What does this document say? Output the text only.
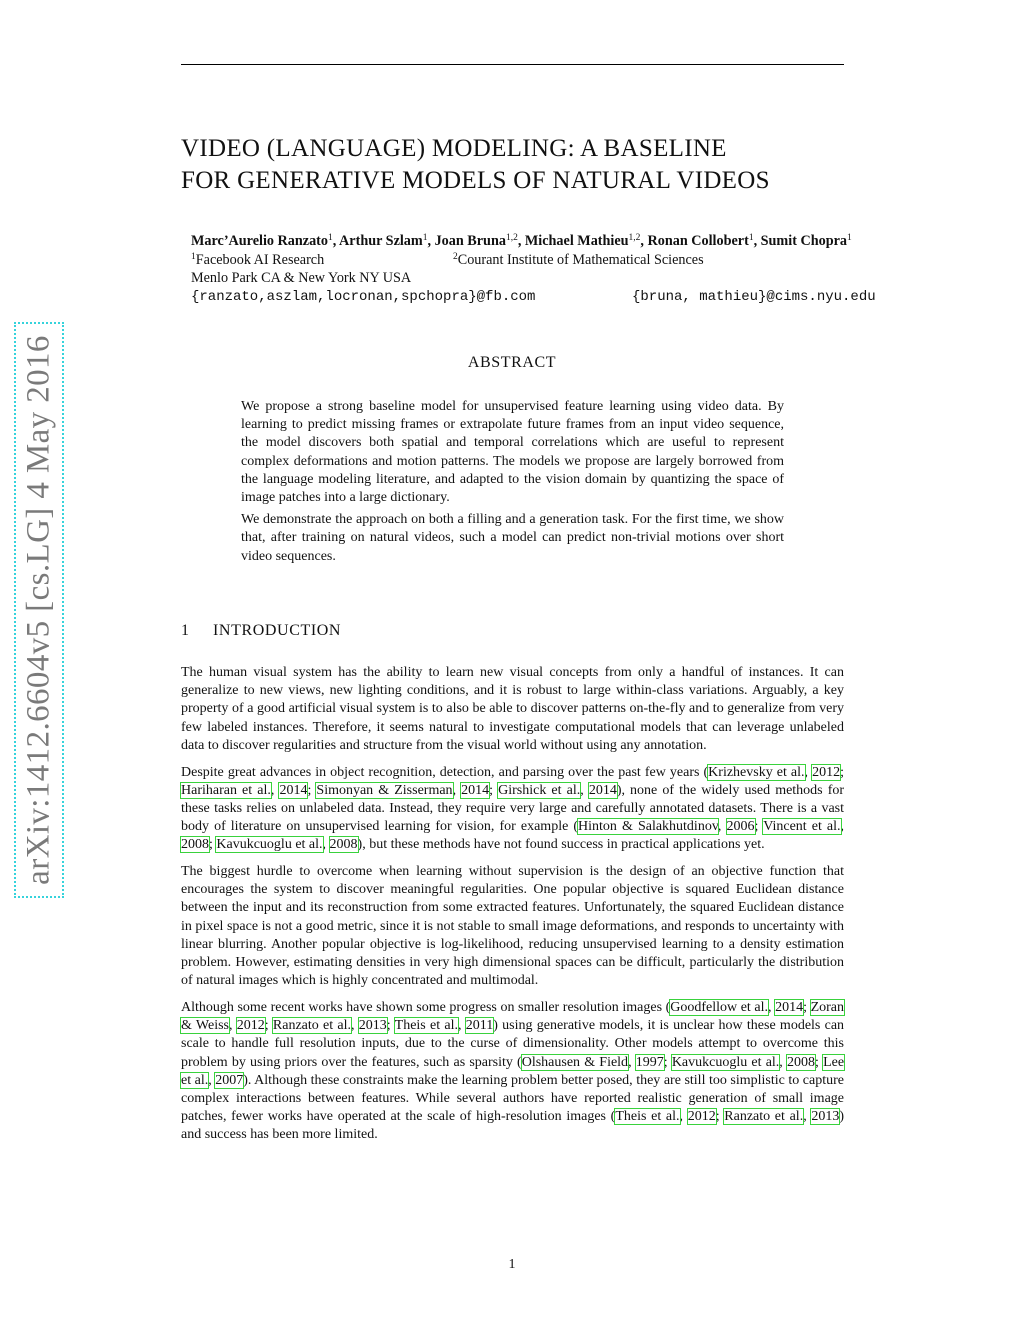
arXiv:1412.6604v5 [cs.LG] 4 May 2016
VIDEO (LANGUAGE) MODELING: A BASELINE
FOR GENERATIVE MODELS OF NATURAL VIDEOS
Marc’Aurelio Ranzato$^1$, Arthur Szlam$^1$, Joan Bruna$^{1,2}$, Michael Mathieu$^{1,2}$, Ronan Collobert$^1$, Sumit Chopra$^1$
$^1$Facebook AI Research	$^2$Courant Institute of Mathematical Sciences
Menlo Park CA & New York NY USA
{ranzato,aszlam,locronan,spchopra}@fb.com	{bruna, mathieu}@cims.nyu.edu
ABSTRACT

We propose a strong baseline model for unsupervised feature learning using video data. By learning to predict missing frames or extrapolate future frames from an input video sequence, the model discovers both spatial and temporal correlations which are useful to represent complex deformations and motion patterns. The models we propose are largely borrowed from the language modeling literature, and adapted to the vision domain by quantizing the space of image patches into a large dictionary.

We demonstrate the approach on both a filling and a generation task. For the first time, we show that, after training on natural videos, such a model can predict non-trivial motions over short video sequences.

1 INTRODUCTION

The human visual system has the ability to learn new visual concepts from only a handful of instances. It can generalize to new views, new lighting conditions, and it is robust to large within-class variations. Arguably, a key property of a good artificial visual system is to also be able to discover patterns on-the-fly and to generalize from very few labeled instances. Therefore, it seems natural to investigate computational models that can leverage unlabeled data to discover regularities and structure from the visual world without using any annotation.

Despite great advances in object recognition, detection, and parsing over the past few years (Krizhevsky et al., 2012; Hariharan et al., 2014; Simonyan & Zisserman, 2014; Girshick et al., 2014), none of the widely used methods for these tasks relies on unlabeled data. Instead, they require very large and carefully annotated datasets. There is a vast body of literature on unsupervised learning for vision, for example (Hinton & Salakhutdinov, 2006; Vincent et al., 2008; Kavukcuoglu et al., 2008), but these methods have not found success in practical applications yet.

The biggest hurdle to overcome when learning without supervision is the design of an objective function that encourages the system to discover meaningful regularities. One popular objective is squared Euclidean distance between the input and its reconstruction from some extracted features. Unfortunately, the squared Euclidean distance in pixel space is not a good metric, since it is not stable to small image deformations, and responds to uncertainty with linear blurring. Another popular objective is log-likelihood, reducing unsupervised learning to a density estimation problem. However, estimating densities in very high dimensional spaces can be difficult, particularly the distribution of natural images which is highly concentrated and multimodal.

Although some recent works have shown some progress on smaller resolution images (Goodfellow et al., 2014; Zoran & Weiss, 2012; Ranzato et al., 2013; Theis et al., 2011) using generative models, it is unclear how these models can scale to handle full resolution inputs, due to the curse of dimensionality. Other models attempt to overcome this problem by using priors over the features, such as sparsity (Olshausen & Field, 1997; Kavukcuoglu et al., 2008; Lee et al., 2007). Although these constraints make the learning problem better posed, they are still too simplistic to capture complex interactions between features. While several authors have reported realistic generation of small image patches, fewer works have operated at the scale of high-resolution images (Theis et al., 2012; Ranzato et al., 2013) and success has been more limited.

1
